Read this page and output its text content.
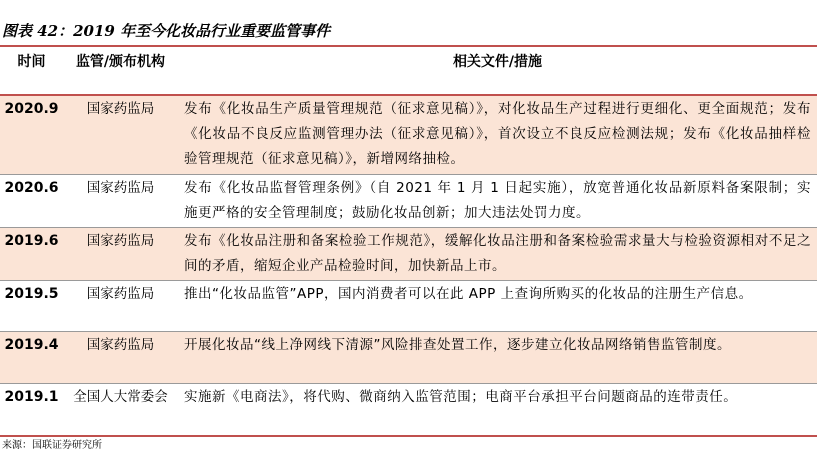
图表 42：2019 年至今化妆品行业重要监管事件
时间	监管/颁布机构	相关文件/措施
2020.9	国家药监局	发布《化妆品生产质量管理规范（征求意见稿）》，对化妆品生产过程进行更细化、更全面规范；发布《化妆品不良反应监测管理办法（征求意见稿）》，首次设立不良反应检测法规；发布《化妆品抽样检验管理规范（征求意见稿）》，新增网络抽检。
2020.6	国家药监局	发布《化妆品监督管理条例》（自 2021 年 1 月 1 日起实施），放宽普通化妆品新原料备案限制；实施更严格的安全管理制度；鼓励化妆品创新；加大违法处罚力度。
2019.6	国家药监局	发布《化妆品注册和备案检验工作规范》，缓解化妆品注册和备案检验需求量大与检验资源相对不足之间的矛盾，缩短企业产品检验时间，加快新品上市。
2019.5	国家药监局	推出“化妆品监管”APP，国内消费者可以在此 APP 上查询所购买的化妆品的注册生产信息。
2019.4	国家药监局	开展化妆品“线上净网线下清源”风险排查处置工作，逐步建立化妆品网络销售监管制度。
2019.1	全国人大常委会	实施新《电商法》，将代购、微商纳入监管范围；电商平台承担平台问题商品的连带责任。
来源：国联证券研究所
